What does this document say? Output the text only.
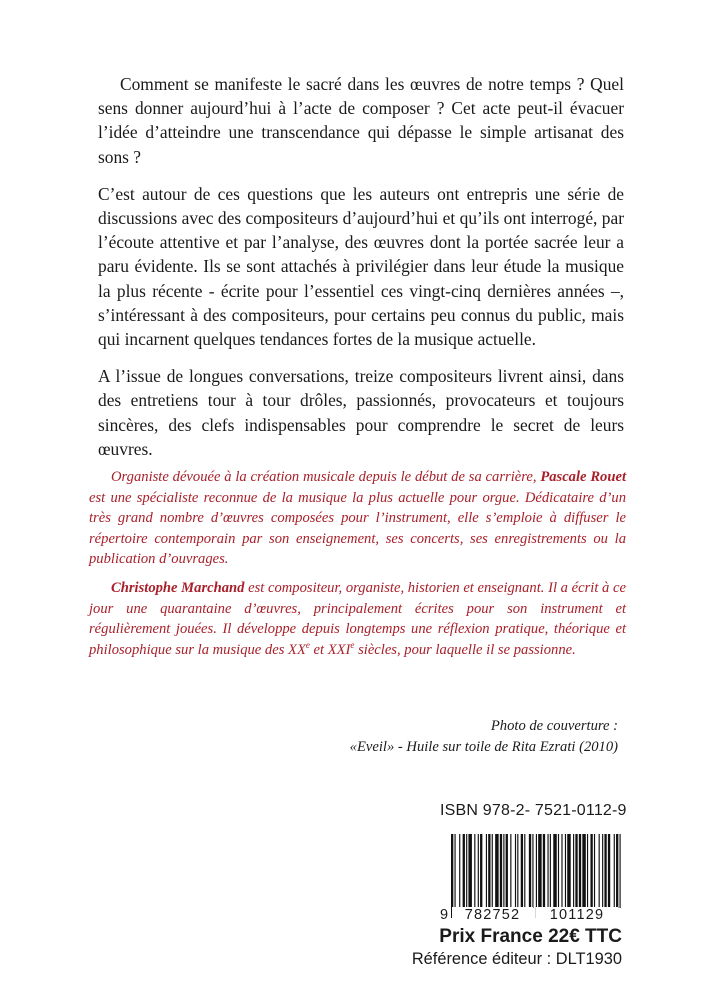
Comment se manifeste le sacré dans les œuvres de notre temps ? Quel sens donner aujourd’hui à l’acte de composer ? Cet acte peut-il évacuer l’idée d’atteindre une transcendance qui dépasse le simple artisanat des sons ?

C’est autour de ces questions que les auteurs ont entrepris une série de discussions avec des compositeurs d’aujourd’hui et qu’ils ont interrogé, par l’écoute attentive et par l’analyse, des œuvres dont la portée sacrée leur a paru évidente. Ils se sont attachés à privilégier dans leur étude la musique la plus récente - écrite pour l’essentiel ces vingt-cinq dernières années –, s’intéressant à des compositeurs, pour certains peu connus du public, mais qui incarnent quelques tendances fortes de la musique actuelle.

A l’issue de longues conversations, treize compositeurs livrent ainsi, dans des entretiens tour à tour drôles, passionnés, provocateurs et toujours sincères, des clefs indispensables pour comprendre le secret de leurs œuvres.

Organiste dévouée à la création musicale depuis le début de sa carrière, Pascale Rouet est une spécialiste reconnue de la musique la plus actuelle pour orgue. Dédicataire d’un très grand nombre d’œuvres composées pour l’instrument, elle s’emploie à diffuser le répertoire contemporain par son enseignement, ses concerts, ses enregistrements ou la publication d’ouvrages.

Christophe Marchand est compositeur, organiste, historien et enseignant. Il a écrit à ce jour une quarantaine d’œuvres, principalement écrites pour son instrument et régulièrement jouées. Il développe depuis longtemps une réflexion pratique, théorique et philosophique sur la musique des XXe et XXIe siècles, pour laquelle il se passionne.

Photo de couverture :
«Eveil» - Huile sur toile de Rita Ezrati (2010)
ISBN 978-2- 7521-0112-9
9	782752	101129
Prix France 22€ TTC
Référence éditeur : DLT1930
